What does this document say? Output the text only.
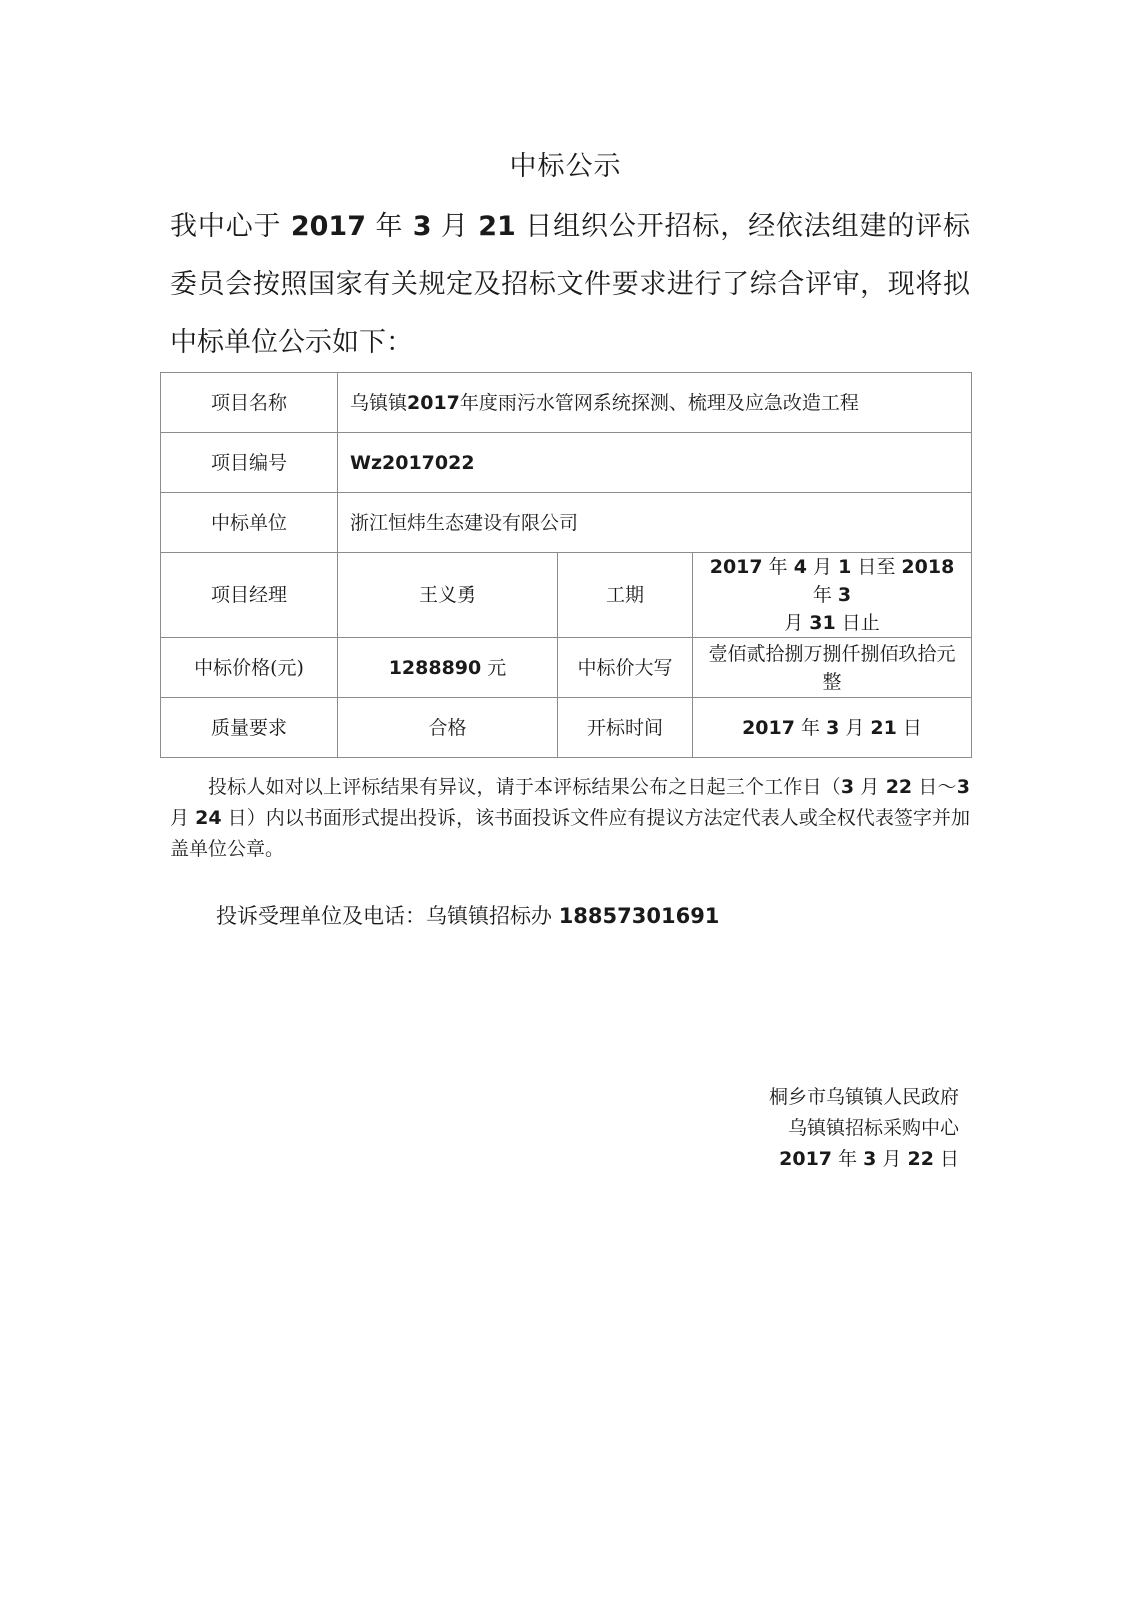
中标公示
我中心于 2017 年 3 月 21 日组织公开招标，经依法组建的评标委员会按照国家有关规定及招标文件要求进行了综合评审，现将拟中标单位公示如下：
项目名称	乌镇镇2017年度雨污水管网系统探测、梳理及应急改造工程		
项目编号	Wz2017022		
中标单位	浙江恒炜生态建设有限公司		
项目经理	王义勇	工期	2017 年 4 月 1 日至 2018 年 3
月 31 日止
中标价格(元)	1288890 元	中标价大写	壹佰贰拾捌万捌仟捌佰玖拾元整
质量要求	合格	开标时间	2017 年 3 月 21 日
投标人如对以上评标结果有异议，请于本评标结果公布之日起三个工作日（3 月 22 日～3 月 24 日）内以书面形式提出投诉，该书面投诉文件应有提议方法定代表人或全权代表签字并加盖单位公章。
投诉受理单位及电话：乌镇镇招标办 18857301691
桐乡市乌镇镇人民政府
乌镇镇招标采购中心
2017 年 3 月 22 日
